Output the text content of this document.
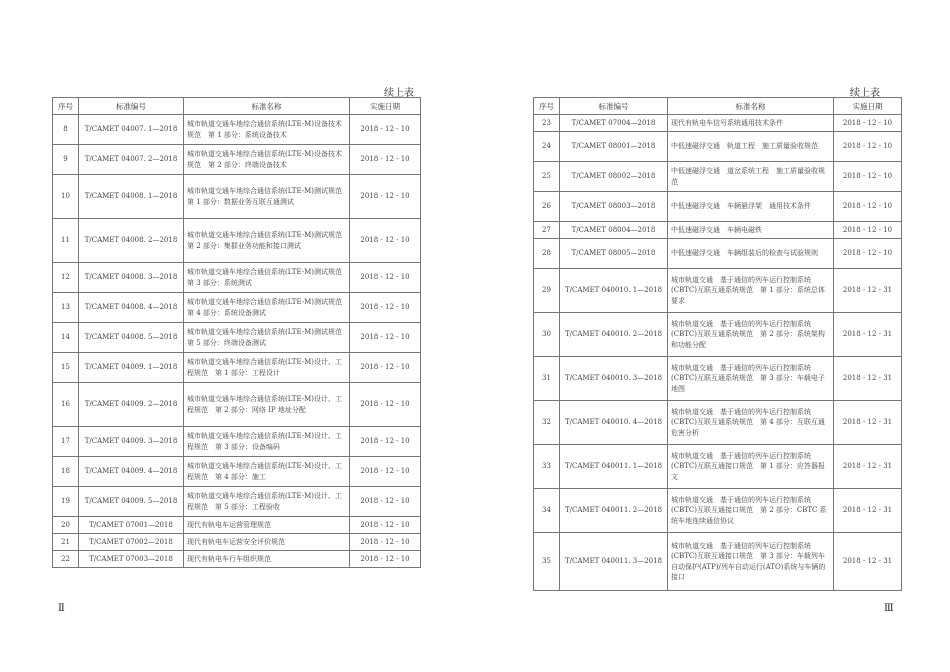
续上表
序号	标准编号	标准名称	实施日期
8	T/CAMET 04007. 1—2018	城市轨道交通车地综合通信系统(LTE-M)设备技术规范　第 1 部分：系统设备技术	2018 - 12 - 10
9	T/CAMET 04007. 2—2018	城市轨道交通车地综合通信系统(LTE-M)设备技术规范　第 2 部分：终端设备技术	2018 - 12 - 10
10	T/CAMET 04008. 1—2018	城市轨道交通车地综合通信系统(LTE-M)测试规范　第 1 部分：数据业务互联互通测试	2018 - 12 - 10
11	T/CAMET 04008. 2—2018	城市轨道交通车地综合通信系统(LTE-M)测试规范　第 2 部分：集群业务功能和接口测试	2018 - 12 - 10
12	T/CAMET 04008. 3—2018	城市轨道交通车地综合通信系统(LTE-M)测试规范　第 3 部分：系统测试	2018 - 12 - 10
13	T/CAMET 04008. 4—2018	城市轨道交通车地综合通信系统(LTE-M)测试规范　第 4 部分：系统设备测试	2018 - 12 - 10
14	T/CAMET 04008. 5—2018	城市轨道交通车地综合通信系统(LTE-M)测试规范　第 5 部分：终端设备测试	2018 - 12 - 10
15	T/CAMET 04009. 1—2018	城市轨道交通车地综合通信系统(LTE-M)设计、工程规范　第 1 部分：工程设计	2018 - 12 - 10
16	T/CAMET 04009. 2—2018	城市轨道交通车地综合通信系统(LTE-M)设计、工程规范　第 2 部分：网络 IP 地址分配	2018 - 12 - 10
17	T/CAMET 04009. 3—2018	城市轨道交通车地综合通信系统(LTE-M)设计、工程规范　第 3 部分：设备编码	2018 - 12 - 10
18	T/CAMET 04009. 4—2018	城市轨道交通车地综合通信系统(LTE-M)设计、工程规范　第 4 部分：施工	2018 - 12 - 10
19	T/CAMET 04009. 5—2018	城市轨道交通车地综合通信系统(LTE-M)设计、工程规范　第 5 部分：工程验收	2018 - 12 - 10
20	T/CAMET 07001—2018	现代有轨电车运营管理规范	2018 - 12 - 10
21	T/CAMET 07002—2018	现代有轨电车运营安全评价规范	2018 - 12 - 10
22	T/CAMET 07003—2018	现代有轨电车行车组织规范	2018 - 12 - 10
Ⅱ
续上表
序号	标准编号	标准名称	实施日期
23	T/CAMET 07004—2018	现代有轨电车信号系统通用技术条件	2018 - 12 - 10
24	T/CAMET 08001—2018	中低速磁浮交通　轨道工程　施工质量验收规范	2018 - 12 - 10
25	T/CAMET 08002—2018	中低速磁浮交通　道岔系统工程　施工质量验收规范	2018 - 12 - 10
26	T/CAMET 08003—2018	中低速磁浮交通　车辆悬浮架　通用技术条件	2018 - 12 - 10
27	T/CAMET 08004—2018	中低速磁浮交通　车辆电磁铁	2018 - 12 - 10
28	T/CAMET 08005—2018	中低速磁浮交通　车辆组装后的检查与试验规则	2018 - 12 - 10
29	T/CAMET 040010. 1—2018	城市轨道交通　基于通信的列车运行控制系统(CBTC)互联互通系统规范　第 1 部分：系统总体要求	2018 - 12 - 31
30	T/CAMET 040010. 2—2018	城市轨道交通　基于通信的列车运行控制系统(CBTC)互联互通系统规范　第 2 部分：系统架构和功能分配	2018 - 12 - 31
31	T/CAMET 040010. 3—2018	城市轨道交通　基于通信的列车运行控制系统(CBTC)互联互通系统规范　第 3 部分：车载电子地图	2018 - 12 - 31
32	T/CAMET 040010. 4—2018	城市轨道交通　基于通信的列车运行控制系统(CBTC)互联互通系统规范　第 4 部分：互联互通危害分析	2018 - 12 - 31
33	T/CAMET 040011. 1—2018	城市轨道交通　基于通信的列车运行控制系统(CBTC)互联互通接口规范　第 1 部分：应答器报文	2018 - 12 - 31
34	T/CAMET 040011. 2—2018	城市轨道交通　基于通信的列车运行控制系统(CBTC)互联互通接口规范　第 2 部分：CBTC 系统车地连续通信协议	2018 - 12 - 31
35	T/CAMET 040011. 3—2018	城市轨道交通　基于通信的列车运行控制系统(CBTC)互联互通接口规范　第 3 部分：车载列车自动保护(ATP)/列车自动运行(ATO)系统与车辆的接口	2018 - 12 - 31
Ⅲ
